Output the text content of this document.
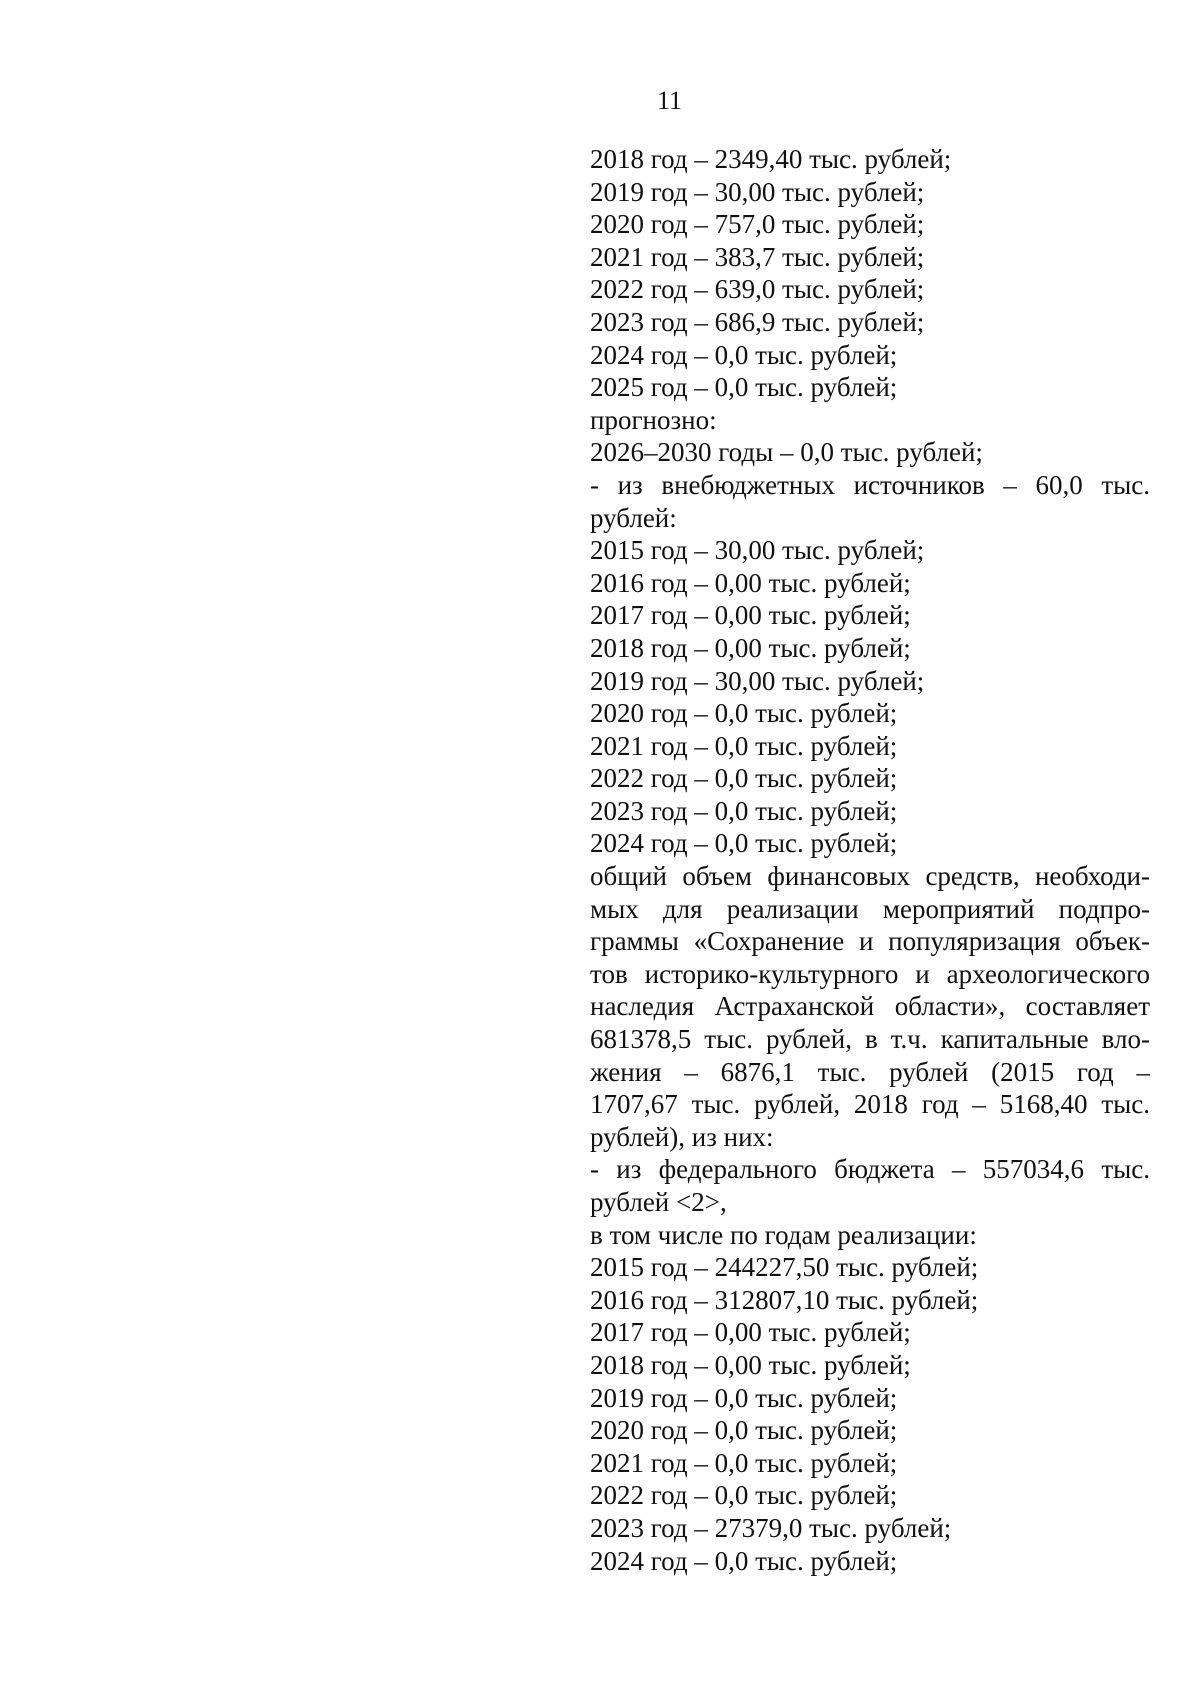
11
2018 год – 2349,40 тыс. рублей;
2019 год – 30,00 тыс. рублей;
2020 год – 757,0 тыс. рублей;
2021 год – 383,7 тыс. рублей;
2022 год – 639,0 тыс. рублей;
2023 год – 686,9 тыс. рублей;
2024 год – 0,0 тыс. рублей;
2025 год – 0,0 тыс. рублей;
прогнозно:
2026–2030 годы – 0,0 тыс. рублей;
- из внебюджетных источников – 60,0 тыс.
рублей:
2015 год – 30,00 тыс. рублей;
2016 год – 0,00 тыс. рублей;
2017 год – 0,00 тыс. рублей;
2018 год – 0,00 тыс. рублей;
2019 год – 30,00 тыс. рублей;
2020 год – 0,0 тыс. рублей;
2021 год – 0,0 тыс. рублей;
2022 год – 0,0 тыс. рублей;
2023 год – 0,0 тыс. рублей;
2024 год – 0,0 тыс. рублей;
общий объем финансовых средств, необходи-
мых для реализации мероприятий подпро-
граммы «Сохранение и популяризация объек-
тов историко-культурного и археологического
наследия Астраханской области», составляет
681378,5 тыс. рублей, в т.ч. капитальные вло-
жения – 6876,1 тыс. рублей (2015 год –
1707,67 тыс. рублей, 2018 год – 5168,40 тыс.
рублей), из них:
- из федерального бюджета – 557034,6 тыс.
рублей <2>,
в том числе по годам реализации:
2015 год – 244227,50 тыс. рублей;
2016 год – 312807,10 тыс. рублей;
2017 год – 0,00 тыс. рублей;
2018 год – 0,00 тыс. рублей;
2019 год – 0,0 тыс. рублей;
2020 год – 0,0 тыс. рублей;
2021 год – 0,0 тыс. рублей;
2022 год – 0,0 тыс. рублей;
2023 год – 27379,0 тыс. рублей;
2024 год – 0,0 тыс. рублей;
